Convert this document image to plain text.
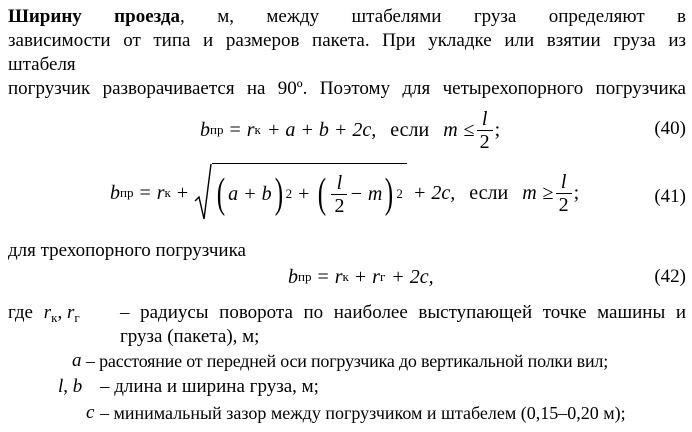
Ширину проезда, м, между штабелями груза определяют в
зависимости от типа и размеров пакета. При укладке или взятии груза из
штабеля
погрузчик разворачивается на 90º. Поэтому для четырехопорного погрузчика
b пр = r к + a + b + 2c, если $m \le \frac{l}{2}$ ;	(40)
b пр = r к + ( a + b ) 2 + ( $\frac{l}{2} - m$ ) 2 + 2c, если $m \ge \frac{l}{2}$ ;	(41)
для трехопорного погрузчика
b пр = r к + r г + 2c,	(42)
где $r_к$, $r_г$ – радиусы поворота по наиболее выступающей точке машины и
груза (пакета), м;
a – расстояние от передней оси погрузчика до вертикальной полки вил;
l, b – длина и ширина груза, м;
c – минимальный зазор между погрузчиком и штабелем (0,15–0,20 м);
